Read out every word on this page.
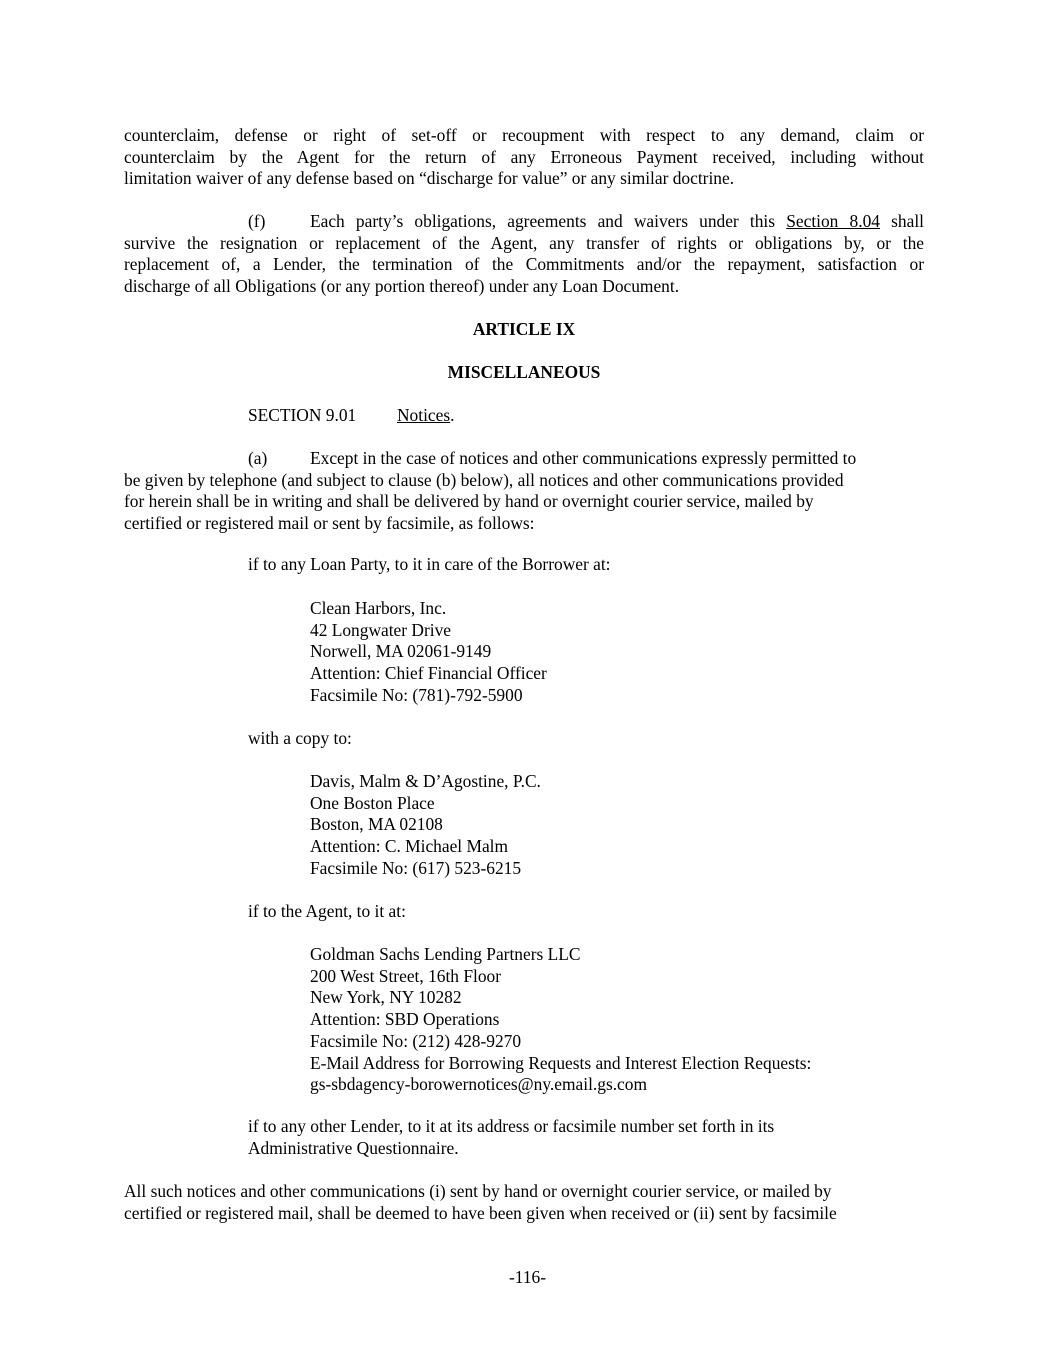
counterclaim, defense or right of set-off or recoupment with respect to any demand, claim or
counterclaim by the Agent for the return of any Erroneous Payment received, including without
limitation waiver of any defense based on “discharge for value” or any similar doctrine.
(f)	Each party’s obligations, agreements and waivers under this Section 8.04 shall
survive the resignation or replacement of the Agent, any transfer of rights or obligations by, or the
replacement of, a Lender, the termination of the Commitments and/or the repayment, satisfaction or
discharge of all Obligations (or any portion thereof) under any Loan Document.
ARTICLE IX
MISCELLANEOUS
SECTION 9.01 Notices.
(a) Except in the case of notices and other communications expressly permitted to
be given by telephone (and subject to clause (b) below), all notices and other communications provided
for herein shall be in writing and shall be delivered by hand or overnight courier service, mailed by
certified or registered mail or sent by facsimile, as follows:
if to any Loan Party, to it in care of the Borrower at:
Clean Harbors, Inc.
42 Longwater Drive
Norwell, MA 02061-9149
Attention: Chief Financial Officer
Facsimile No: (781)-792-5900
with a copy to:
Davis, Malm & D’Agostine, P.C.
One Boston Place
Boston, MA 02108
Attention: C. Michael Malm
Facsimile No: (617) 523-6215
if to the Agent, to it at:
Goldman Sachs Lending Partners LLC
200 West Street, 16th Floor
New York, NY 10282
Attention: SBD Operations
Facsimile No: (212) 428-9270
E-Mail Address for Borrowing Requests and Interest Election Requests:
gs-sbdagency-borowernotices@ny.email.gs.com
if to any other Lender, to it at its address or facsimile number set forth in its
Administrative Questionnaire.
All such notices and other communications (i) sent by hand or overnight courier service, or mailed by
certified or registered mail, shall be deemed to have been given when received or (ii) sent by facsimile
-116-
